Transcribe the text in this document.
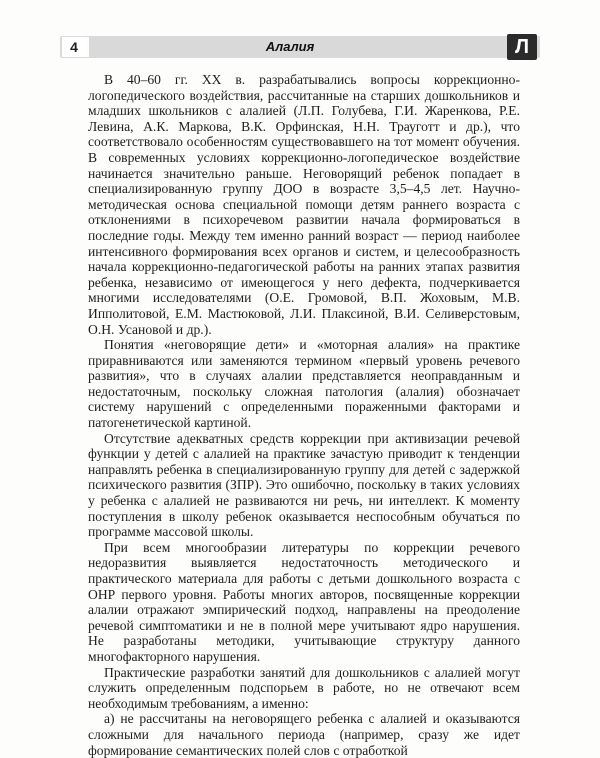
4	Алалия	Л

В 40–60 гг. XX в. разрабатывались вопросы коррекционно-логопедического воздействия, рассчитанные на старших дошкольников и младших школьников с алалией (Л.П. Голубева, Г.И. Жаренкова, Р.Е. Левина, А.К. Маркова, В.К. Орфинская, Н.Н. Трауготт и др.), что соответствовало особенностям существовавшего на тот момент обучения. В современных условиях коррекционно-логопедическое воздействие начинается значительно раньше. Неговорящий ребенок попадает в специализированную группу ДОО в возрасте 3,5–4,5 лет. Научно-методическая основа специальной помощи детям раннего возраста с отклонениями в психоречевом развитии начала формироваться в последние годы. Между тем именно ранний возраст — период наиболее интенсивного формирования всех органов и систем, и целесообразность начала коррекционно-педагогической работы на ранних этапах развития ребенка, независимо от имеющегося у него дефекта, подчеркивается многими исследователями (О.Е. Громовой, В.П. Жоховым, М.В. Ипполитовой, Е.М. Мастюковой, Л.И. Плаксиной, В.И. Селиверстовым, О.Н. Усановой и др.).

Понятия «неговорящие дети» и «моторная алалия» на практике приравниваются или заменяются термином «первый уровень речевого развития», что в случаях алалии представляется неоправданным и недостаточным, поскольку сложная патология (алалия) обозначает систему нарушений с определенными пораженными факторами и патогенетической картиной.

Отсутствие адекватных средств коррекции при активизации речевой функции у детей с алалией на практике зачастую приводит к тенденции направлять ребенка в специализированную группу для детей с задержкой психического развития (ЗПР). Это ошибочно, поскольку в таких условиях у ребенка с алалией не развиваются ни речь, ни интеллект. К моменту поступления в школу ребенок оказывается неспособным обучаться по программе массовой школы.

При всем многообразии литературы по коррекции речевого недоразвития выявляется недостаточность методического и практического материала для работы с детьми дошкольного возраста с ОНР первого уровня. Работы многих авторов, посвященные коррекции алалии отражают эмпирический подход, направлены на преодоление речевой симптоматики и не в полной мере учитывают ядро нарушения. Не разработаны методики, учитывающие структуру данного многофакторного нарушения.

Практические разработки занятий для дошкольников с алалией могут служить определенным подспорьем в работе, но не отвечают всем необходимым требованиям, а именно:

а) не рассчитаны на неговорящего ребенка с алалией и оказываются сложными для начального периода (например, сразу же идет формирование семантических полей слов с отработкой
